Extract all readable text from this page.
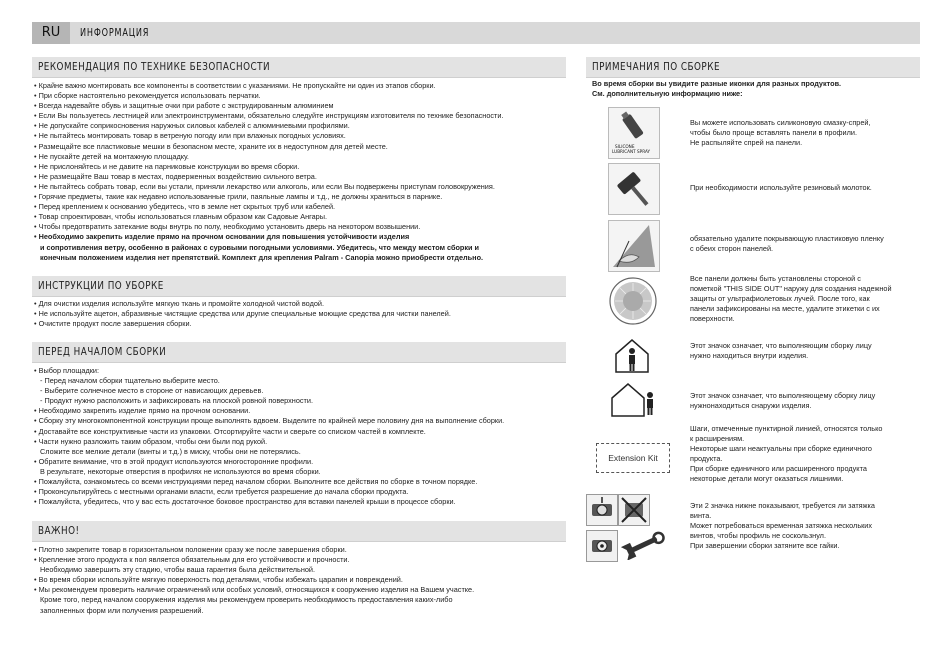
RU	ИНФОРМАЦИЯ
РЕКОМЕНДАЦИЯ ПО ТЕХНИКЕ БЕЗОПАСНОСТИ
• Крайне важно монтировать все компоненты в соответствии с указаниями. Не пропускайте ни один из этапов сборки.
• При сборке настоятельно рекомендуется использовать перчатки.
• Всегда надевайте обувь и защитные очки при работе с экструдированным алюминием
• Если Вы пользуетесь лестницей или электроинструментами, обязательно следуйте инструкциям изготовителя по технике безопасности.
• Не допускайте соприкосновения наружных силовых кабелей с алюминиевыми профилями.
• Не пытайтесь монтировать товар в ветреную погоду или при влажных погодных условиях.
• Размещайте все пластиковые мешки в безопасном месте, храните их в недоступном для детей месте.
• Не пускайте детей на монтажную площадку.
• Не прислоняйтесь и не давите на парниковые конструкции во время сборки.
• Не размещайте Ваш товар в местах, подверженных воздействию сильного ветра.
• Не пытайтесь собрать товар, если вы устали, приняли лекарство или алкоголь, или если Вы подвержены приступам головокружения.
• Горячие предметы, такие как недавно использованные грили, паяльные лампы и т.д., не должны храниться в парнике.
• Перед креплением к основанию убедитесь, что в земле нет скрытых труб или кабелей.
• Товар спроектирован, чтобы использоваться главным образом как Садовые Ангары.
• Чтобы предотвратить затекание воды внутрь по полу, необходимо установить дверь на некотором возвышении.
• Необходимо закрепить изделие прямо на прочном основании для повышения устойчивости изделия
и сопротивления ветру, особенно в районах с суровыми погодными условиями. Убедитесь, что между местом сборки и
конечным положением изделия нет препятствий. Комплект для крепления Palram - Canopia можно приобрести отдельно.
ИНСТРУКЦИИ ПО УБОРКЕ
• Для очистки изделия используйте мягкую ткань и промойте холодной чистой водой.
• Не используйте ацетон, абразивные чистящие средства или другие специальные моющие средства для чистки панелей.
• Очистите продукт после завершения сборки.
ПЕРЕД НАЧАЛОМ СБОРКИ
• Выбор площадки:
- Перед началом сборки тщательно выберите место.
- Выберите солнечное место в стороне от нависающих деревьев.
- Продукт нужно расположить и зафиксировать на плоской ровной поверхности.
• Необходимо закрепить изделие прямо на прочном основании.
• Сборку эту многокомпонентной конструкции проще выполнять вдвоем. Выделите по крайней мере половину дня на выполнение сборки.
• Доставайте все конструктивные части из упаковки. Отсортируйте части и сверьте со списком частей в комплекте.
• Части нужно разложить таким образом, чтобы они были под рукой.
Сложите все мелкие детали (винты и т.д.) в миску, чтобы они не потерялись.
• Обратите внимание, что в этой продукт используются многосторонние профили.
В результате, некоторые отверстия в профилях не используются во время сборки.
• Пожалуйста, ознакомьтесь со всеми инструкциями перед началом сборки. Выполните все действия по сборке в точном порядке.
• Проконсультируйтесь с местными органами власти, если требуется разрешение до начала сборки продукта.
• Пожалуйста, убедитесь, что у вас есть достаточное боковое пространство для вставки панелей крыши в процессе сборки.
ВАЖНО!
• Плотно закрепите товар в горизонтальном положении сразу же после завершения сборки.
• Крепление этого продукта к пол является обязательным для его устойчивости и прочности.
Необходимо завершить эту стадию, чтобы ваша гарантия была действительной.
• Во время сборки используйте мягкую поверхность под деталями, чтобы избежать царапин и повреждений.
• Мы рекомендуем проверить наличие ограничений или особых условий, относящихся к сооружению изделия на Вашем участке.
Кроме того, перед началом сооружения изделия мы рекомендуем проверить необходимость предоставления каких-либо
заполненных форм или получения разрешений.
ПРИМЕЧАНИЯ ПО СБОРКЕ
Во время сборки вы увидите разные иконки для разных продуктов.
См. дополнительную информацию ниже:
SILICONE
LUBRICANT SPRAY
Extension Kit

Вы можете использовать силиконовую смазку-спрей,

чтобы было проще вставлять панели в профили.

Не распыляйте спрей на панели.

При необходимости используйте резиновый молоток.

обязательно удалите покрывающую пластиковую пленку

с обеих сторон панелей.

Все панели должны быть установлены стороной с

пометкой "THIS SIDE OUT" наружу для создания надежной

защиты от ультрафиолетовых лучей. После того, как

панели зафиксированы на месте, удалите этикетки с их

поверхности.

Этот значок означает, что выполняющим сборку лицу

нужно находиться внутри изделия.

Этот значок означает, что выполняющему сборку лицу

нужнонаходиться снаружи изделия.

Шаги, отмеченные пунктирной линией, относятся только

к расширениям.

Некоторые шаги неактуальны при сборке единичного

продукта.

При сборке единичного или расширенного продукта

некоторые детали могут оказаться лишними.

Эти 2 значка нижне показывают, требуется ли затяжка

винта.

Может потребоваться временная затяжка нескольких

винтов, чтобы профиль не соскользнул.

При завершении сборки затяните все гайки.
